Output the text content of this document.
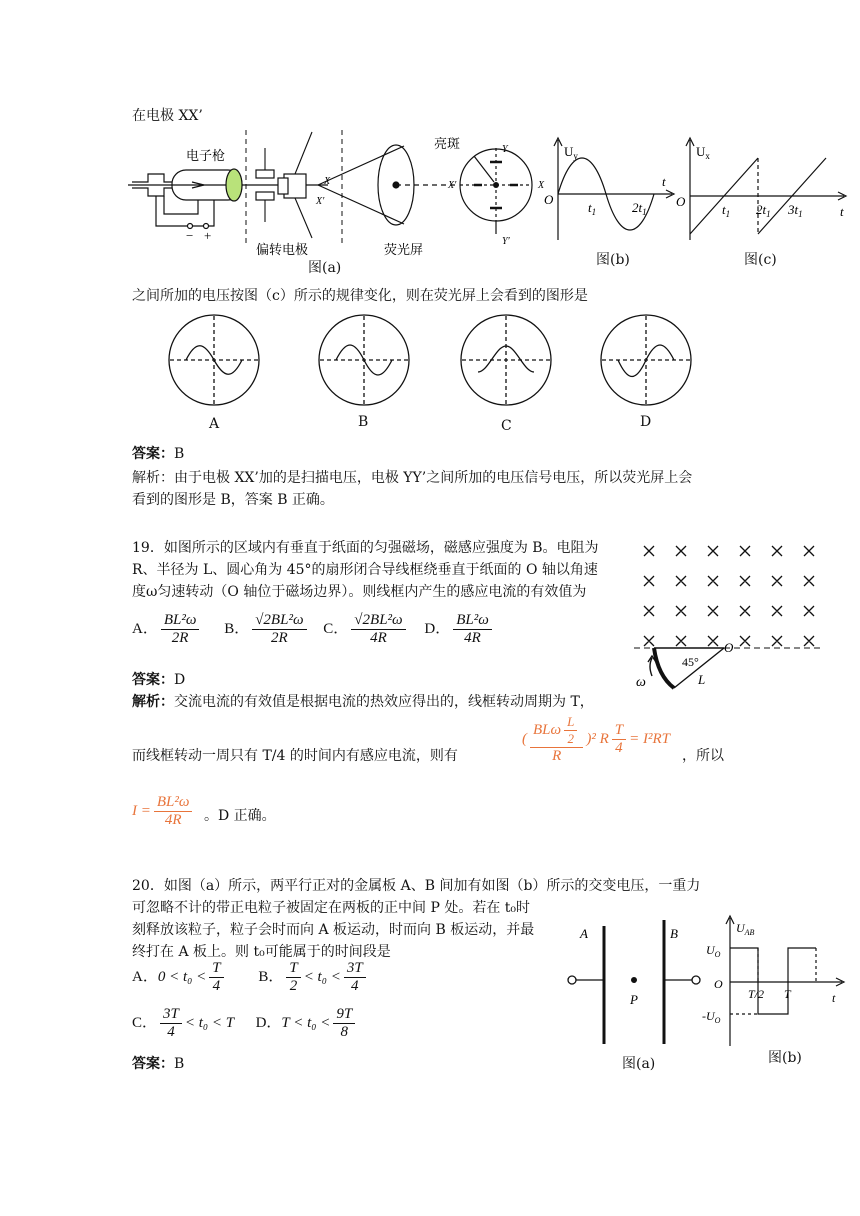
在电极 XX’
电子枪
亮斑
偏转电极	荧光屏
− +
X
X′
Y
Y′
X
X′
图(a)
$U_y$
O
$t_1$	$2t_1$
t
图(b)
$U_x$
O
$t_1$ $2t_1$ $3t_1$	t
图(c)
之间所加的电压按图（c）所示的规律变化，则在荧光屏上会看到的图形是
A	B	C	D
答案：B
解析：由于电极 XX’加的是扫描电压，电极 YY’之间所加的电压信号电压，所以荧光屏上会
看到的图形是 B，答案 B 正确。
19．如图所示的区域内有垂直于纸面的匀强磁场，磁感应强度为 B。电阻为
R、半径为 L、圆心角为 45°的扇形闭合导线框绕垂直于纸面的 O 轴以角速
度ω匀速转动（O 轴位于磁场边界）。则线框内产生的感应电流的有效值为
A． $\frac{\text{BL²ω}}{2R}$ B． $\frac{\text{√2BL²ω}}{2R}$ C． $\frac{\text{√2BL²ω}}{4R}$ D． $\frac{\text{BL²ω}}{4R}$
45°
O
L
ω
答案：D
解析：交流电流的有效值是根据电流的热效应得出的，线框转动周期为 T，
而线框转动一周只有 T/4 的时间内有感应电流，则有
( $\frac{BL\omega \frac{L}{2}}{R} )^2$ R $\frac{T}{4} = I^2RT$
，所以
$I = \frac{\text{BL²ω}}{4R}$ 。D 正确。
20．如图（a）所示，两平行正对的金属板 A、B 间加有如图（b）所示的交变电压，一重力
可忽略不计的带正电粒子被固定在两板的正中间 P 处。若在 t₀时
刻释放该粒子，粒子会时而向 A 板运动，时而向 B 板运动，并最
终打在 A 板上。则 t₀可能属于的时间段是
A．$0 < t_0 < \frac{T}{4}$ B． $\frac{T}{2} < t_0 < \frac{3T}{4}$
C． $\frac{3T}{4} < t_0 < T$ D．$T < t_0 < \frac{9T}{8}$
答案：B
A	B
P
图(a)
$U_{AB}$
$U_O$
O
$-U_O$
T/2 T	t
图(b)
